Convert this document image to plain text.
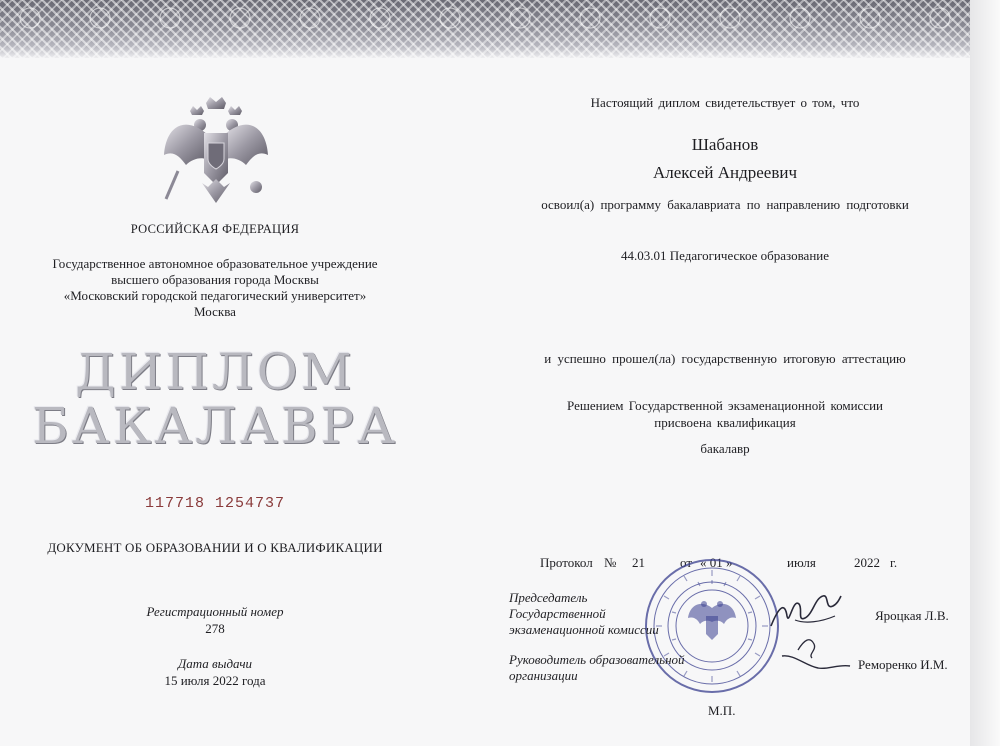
РОССИЙСКАЯ ФЕДЕРАЦИЯ
Государственное автономное образовательное учреждение
высшего образования города Москвы
«Московский городской педагогический университет»
Москва
ДИПЛОМ
БАКАЛАВРА
117718 1254737
ДОКУМЕНТ ОБ ОБРАЗОВАНИИ И О КВАЛИФИКАЦИИ
Регистрационный номер
278
Дата выдачи
15 июля 2022 года
Настоящий диплом свидетельствует о том, что
Шабанов
Алексей Андреевич
освоил(а) программу бакалавриата по направлению подготовки
44.03.01 Педагогическое образование
и успешно прошел(ла) государственную итоговую аттестацию
Решением Государственной экзаменационной комиссии
присвоена квалификация
бакалавр
Протокол № 21	от « 01 »	июля	2022 г.
Председатель
Государственной
экзаменационной комиссии
Яроцкая Л.В.
Руководитель образовательной
организации
Реморенко И.М.
М.П.
